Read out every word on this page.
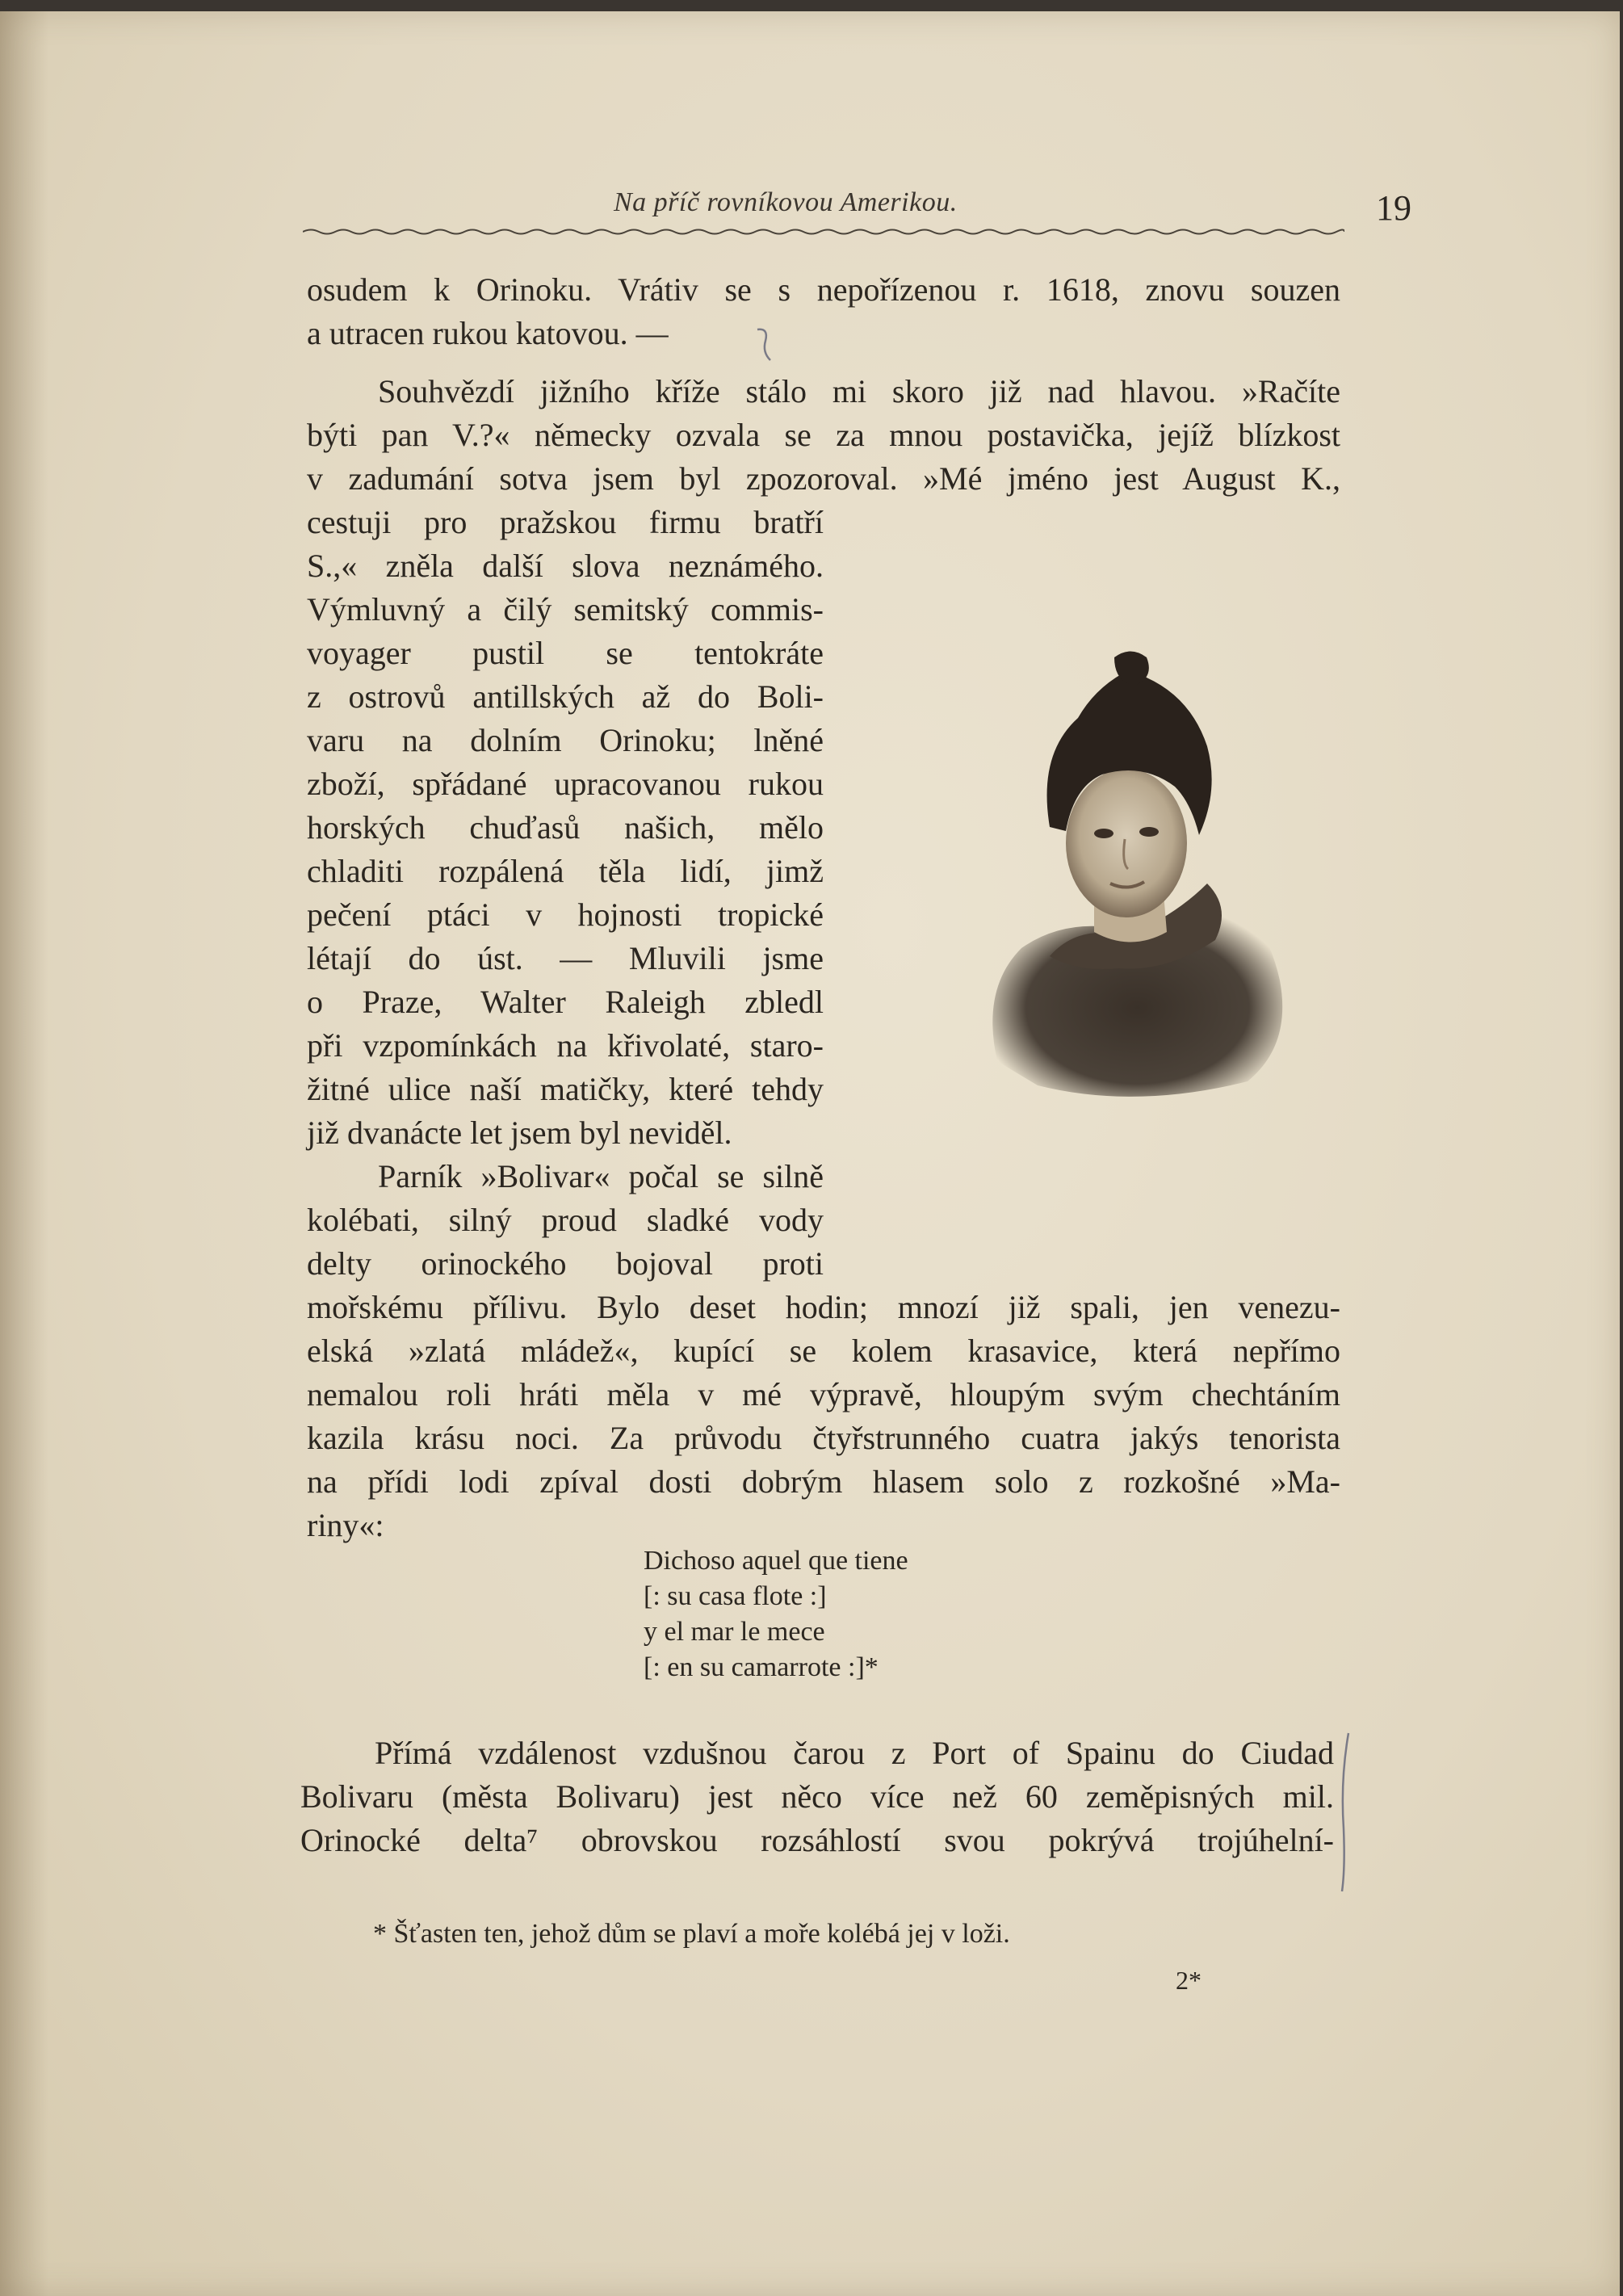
Na příč rovníkovou Amerikou.	19
osudem k Orinoku. Vrátiv se s nepořízenou r. 1618, znovu souzen
a utracen rukou katovou. —
Souhvězdí jižního kříže stálo mi skoro již nad hlavou. »Račíte
býti pan V.?« německy ozvala se za mnou postavička, jejíž blízkost
v zadumání sotva jsem byl zpozoroval. »Mé jméno jest August K.,
cestuji pro pražskou firmu bratří
S.,« zněla další slova neznámého.
Výmluvný a čilý semitský commis-
voyager pustil se tentokráte
z ostrovů antillských až do Boli-
varu na dolním Orinoku; lněné
zboží, spřádané upracovanou rukou
horských chuďasů našich, mělo
chladiti rozpálená těla lidí, jimž
pečení ptáci v hojnosti tropické
létají do úst. — Mluvili jsme
o Praze, Walter Raleigh zbledl
při vzpomínkách na křivolaté, staro-
žitné ulice naší matičky, které tehdy
již dvanácte let jsem byl neviděl.
Parník »Bolivar« počal se silně
kolébati, silný proud sladké vody
delty orinockého bojoval proti
mořskému přílivu. Bylo deset hodin; mnozí již spali, jen venezu-
elská »zlatá mládež«, kupící se kolem krasavice, která nepřímo
nemalou roli hráti měla v mé výpravě, hloupým svým chechtáním
kazila krásu noci. Za průvodu čtyřstrunného cuatra jakýs tenorista
na přídi lodi zpíval dosti dobrým hlasem solo z rozkošné »Ma-
riny«:
Dichoso aquel que tiene
[: su casa flote :]
y el mar le mece
[: en su camarrote :]*
Přímá vzdálenost vzdušnou čarou z Port of Spainu do Ciudad
Bolivaru (města Bolivaru) jest něco více než 60 zeměpisných mil.
Orinocké delta⁷ obrovskou rozsáhlostí svou pokrývá trojúhelní-
* Šťasten ten, jehož dům se plaví a moře kolébá jej v loži.
2*
